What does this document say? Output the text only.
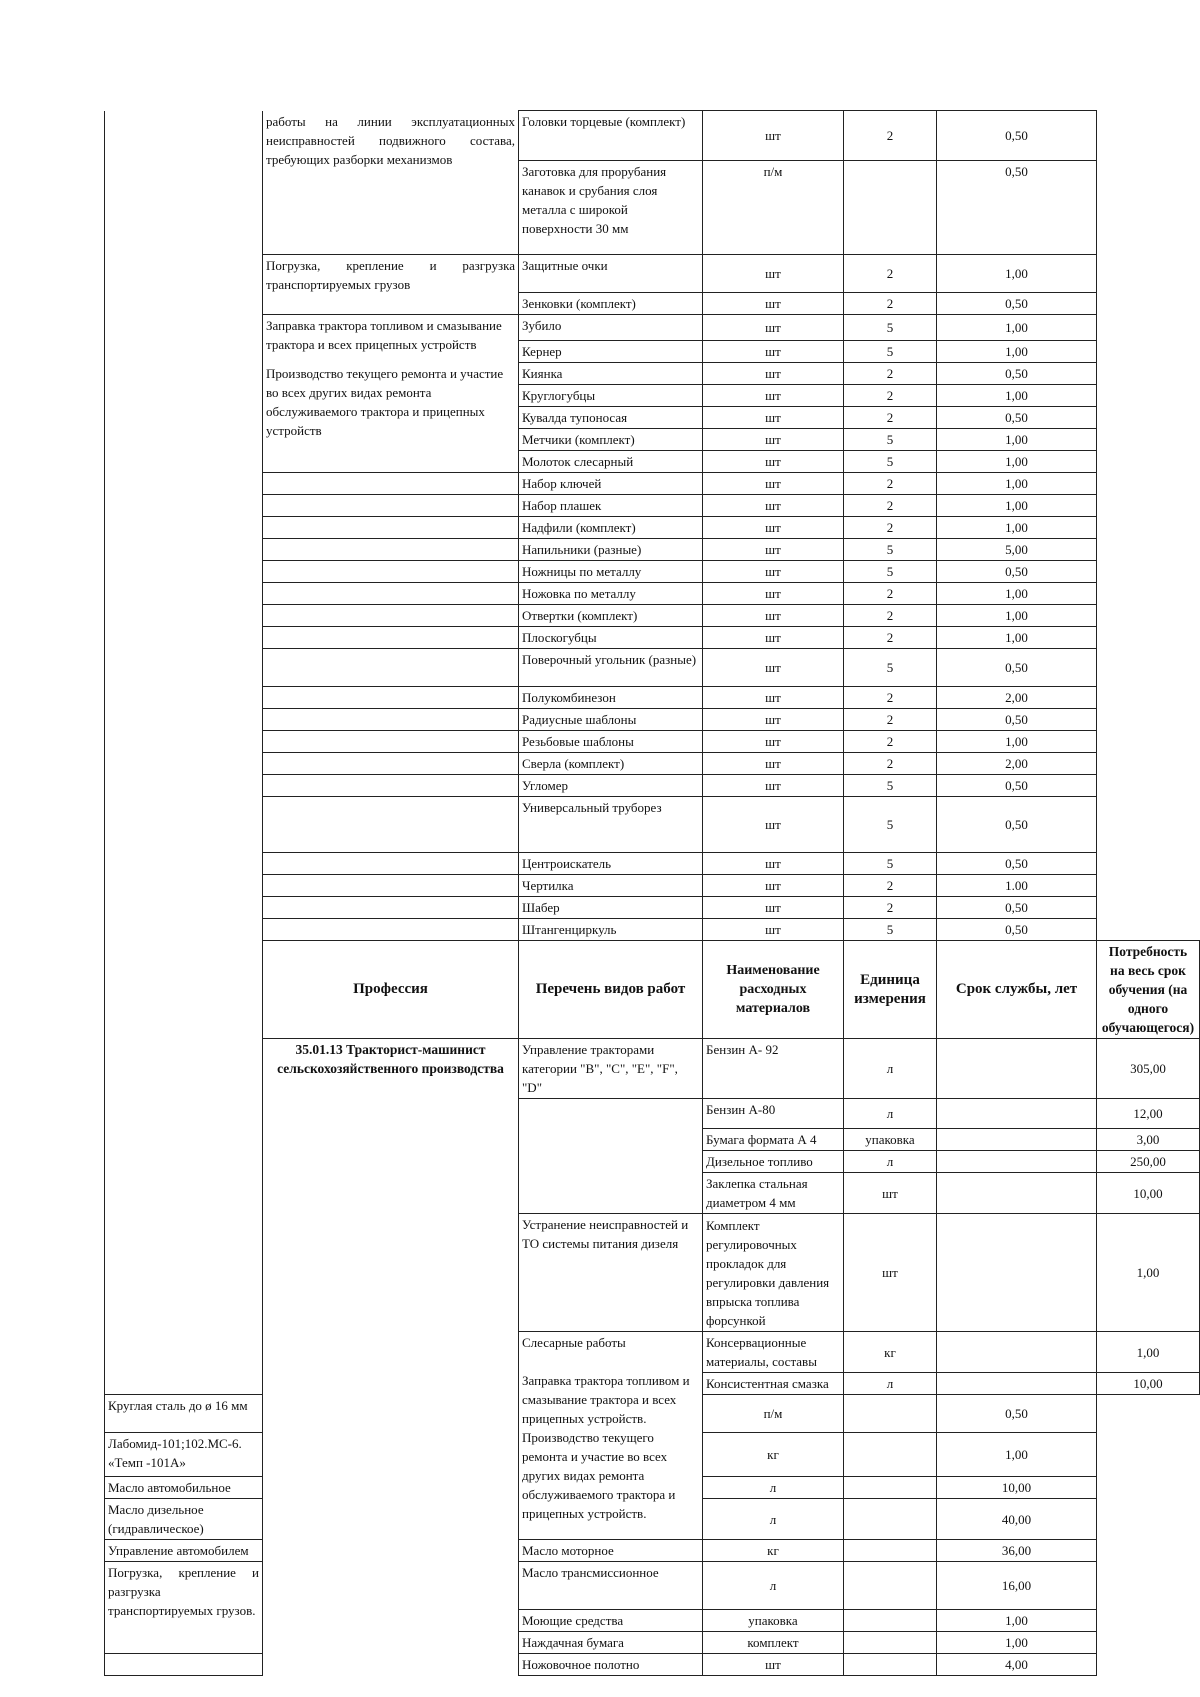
	работы на линии эксплуатационных неисправностей подвижного состава, требующих разборки механизмов	Головки торцевые (комплект)	шт	2	0,50	
		Заготовка для прорубания канавок и срубания слоя металла с широкой поверхности 30 мм	п/м		0,50	
	Погрузка, крепление и разгрузка транспортируемых грузов	Защитные очки	шт	2	1,00	
		Зенковки (комплект)	шт	2	0,50	
	Заправка трактора топливом и смазывание трактора и всех прицепных устройств
Производство текущего ремонта и участие во всех других видах ремонта обслуживаемого трактора и прицепных устройств	Зубило	шт	5	1,00	
		Кернер	шт	5	1,00	
		Киянка	шт	2	0,50	
		Круглогубцы	шт	2	1,00	
		Кувалда тупоносая	шт	2	0,50	
		Метчики (комплект)	шт	5	1,00	
		Молоток слесарный	шт	5	1,00	
		Набор ключей	шт	2	1,00	
		Набор плашек	шт	2	1,00	
		Надфили (комплект)	шт	2	1,00	
		Напильники (разные)	шт	5	5,00	
		Ножницы по металлу	шт	5	0,50	
		Ножовка по металлу	шт	2	1,00	
		Отвертки (комплект)	шт	2	1,00	
		Плоскогубцы	шт	2	1,00	
		Поверочный угольник (разные)	шт	5	0,50	
		Полукомбинезон	шт	2	2,00	
		Радиусные шаблоны	шт	2	0,50	
		Резьбовые шаблоны	шт	2	1,00	
		Сверла (комплект)	шт	2	2,00	
		Угломер	шт	5	0,50	
		Универсальный труборез	шт	5	0,50	
		Центроискатель	шт	5	0,50	
		Чертилка	шт	2	1.00	
		Шабер	шт	2	0,50	
		Штангенциркуль	шт	5	0,50	
	Профессия	Перечень видов работ	Наименование расходных материалов	Единица измерения	Срок службы, лет	Потребность на весь срок обучения (на одного обучающегося)
	35.01.13 Тракторист-машинист сельскохозяйственного производства	Управление тракторами категории "B", "C", "E", "F", "D"	Бензин А- 92	л		305,00
			Бензин А-80	л		12,00
			Бумага формата А 4	упаковка		3,00
			Дизельное топливо	л		250,00
			Заклепка стальная диаметром 4 мм	шт		10,00
		Устранение неисправностей и ТО системы питания дизеля	Комплект регулировочных прокладок для регулировки давления впрыска топлива форсункой	шт		1,00
		Слесарные работы
Заправка трактора топливом и смазывание трактора и всех прицепных устройств.
Производство текущего ремонта и участие во всех других видах ремонта обслуживаемого трактора и прицепных устройств.	Консервационные материалы, составы	кг		1,00
			Консистентная смазка	л		10,00
Круглая сталь до ø 16 мм			п/м		0,50	
Лабомид-101;102.МС-6. «Темп -101А»			кг		1,00	
Масло автомобильное			л		10,00	
Масло дизельное (гидравлическое)			л		40,00	
Управление автомобилем		Масло моторное	кг		36,00	
Погрузка, крепление и разгрузка транспортируемых грузов.		Масло трансмиссионное	л		16,00	
		Моющие средства	упаковка		1,00	
		Наждачная бумага	комплект		1,00	
		Ножовочное полотно	шт		4,00	
